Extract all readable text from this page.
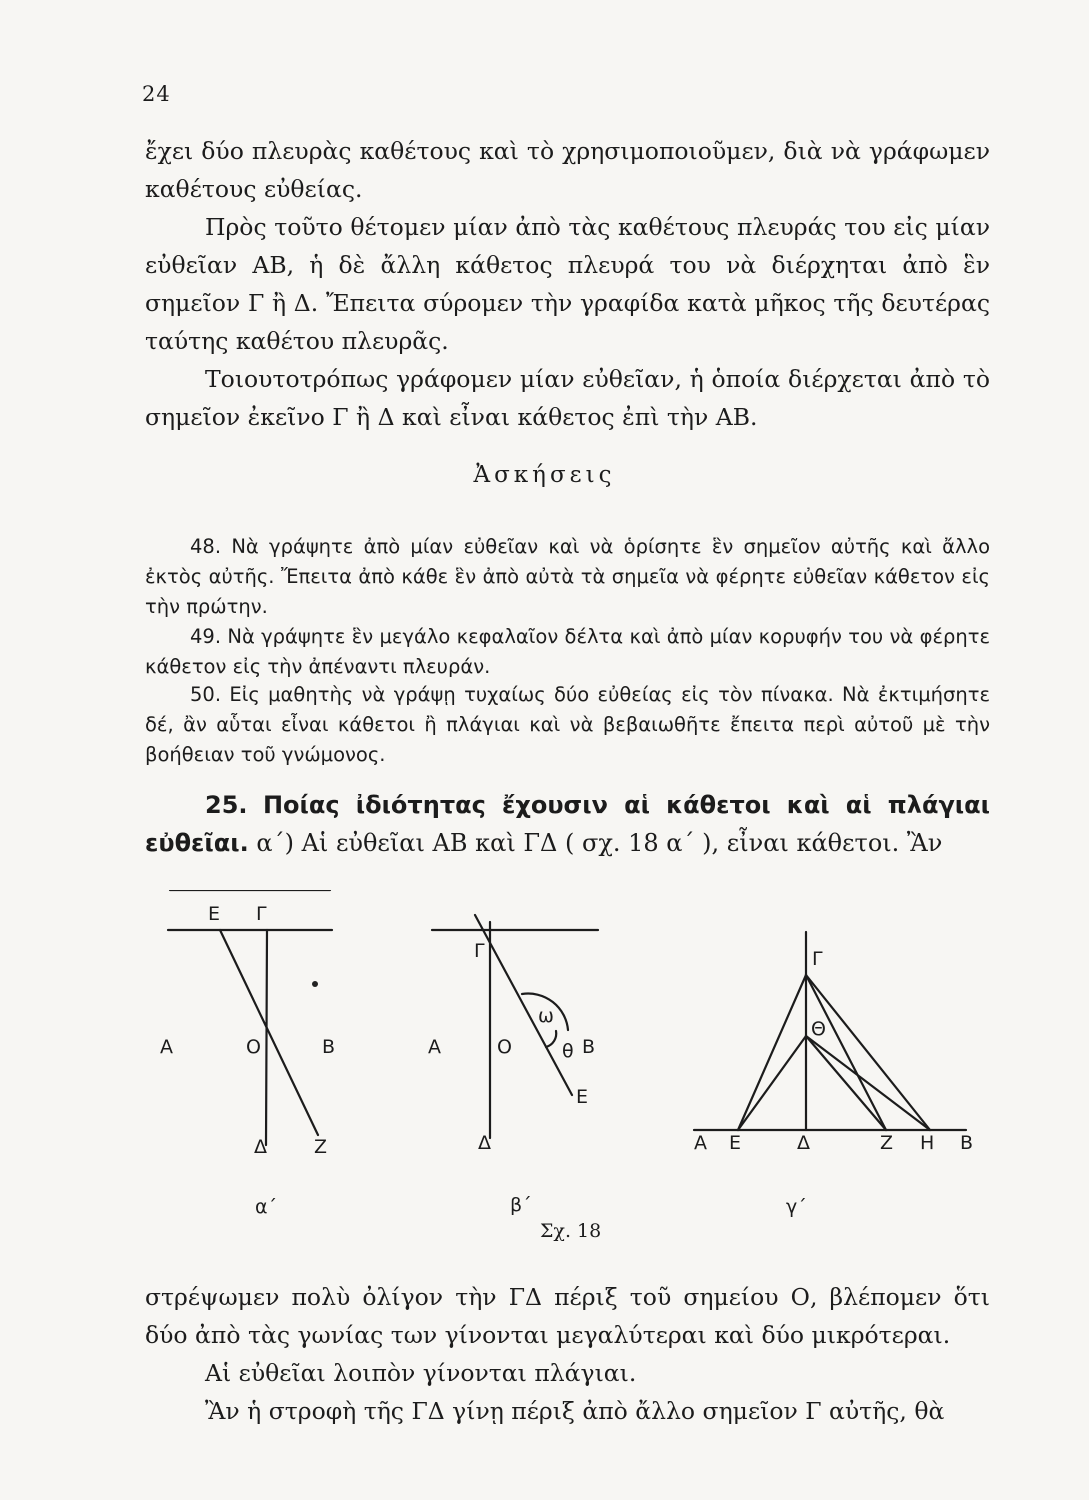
24

ἔχει δύο πλευρὰς καθέτους καὶ τὸ χρησιμοποιοῦμεν, διὰ νὰ γράφωμεν καθέτους εὐθείας.

Πρὸς τοῦτο θέτομεν μίαν ἀπὸ τὰς καθέτους πλευράς του εἰς μίαν εὐθεῖαν ΑΒ, ἡ δὲ ἄλλη κάθετος πλευρά του νὰ διέρχηται ἀπὸ ἓν σημεῖον Γ ἢ Δ. Ἔπειτα σύρομεν τὴν γραφίδα κατὰ μῆκος τῆς δευτέρας ταύτης καθέτου πλευρᾶς.

Τοιουτοτρόπως γράφομεν μίαν εὐθεῖαν, ἡ ὁποία διέρχεται ἀπὸ τὸ σημεῖον ἐκεῖνο Γ ἢ Δ καὶ εἶναι κάθετος ἐπὶ τὴν ΑΒ.

Ἀσκήσεις

48. Νὰ γράψητε ἀπὸ μίαν εὐθεῖαν καὶ νὰ ὁρίσητε ἓν σημεῖον αὐτῆς καὶ ἄλλο ἐκτὸς αὐτῆς. Ἔπειτα ἀπὸ κάθε ἓν ἀπὸ αὐτὰ τὰ σημεῖα νὰ φέρητε εὐθεῖαν κάθετον εἰς τὴν πρώτην.

49. Νὰ γράψητε ἓν μεγάλο κεφαλαῖον δέλτα καὶ ἀπὸ μίαν κορυφήν του νὰ φέρητε κάθετον εἰς τὴν ἀπέναντι πλευράν.

50. Εἰς μαθητὴς νὰ γράψῃ τυχαίως δύο εὐθείας εἰς τὸν πίνακα. Νὰ ἐκτιμήσητε δέ, ἂν αὗται εἶναι κάθετοι ἢ πλάγιαι καὶ νὰ βεβαιωθῆτε ἔπειτα περὶ αὐτοῦ μὲ τὴν βοήθειαν τοῦ γνώμονος.

25. Ποίας ἰδιότητας ἔχουσιν αἱ κάθετοι καὶ αἱ πλάγιαι εὐθεῖαι. α΄) Αἱ εὐθεῖαι ΑΒ καὶ ΓΔ ( σχ. 18 α΄ ), εἶναι κάθετοι. Ἂν

Ε Γ
Α	Ο	Β
Δ Ζ
α΄
Γ
Α	Ο
ω
θ Β
Ε
Δ
β΄
Γ
Θ
Α Ε	Δ	Ζ Η Β
γ΄
Σχ. 18

στρέψωμεν πολὺ ὀλίγον τὴν ΓΔ πέριξ τοῦ σημείου Ο, βλέπομεν ὅτι δύο ἀπὸ τὰς γωνίας των γίνονται μεγαλύτεραι καὶ δύο μικρότεραι.

Αἱ εὐθεῖαι λοιπὸν γίνονται πλάγιαι.

Ἂν ἡ στροφὴ τῆς ΓΔ γίνῃ πέριξ ἀπὸ ἄλλο σημεῖον Γ αὐτῆς, θὰ
